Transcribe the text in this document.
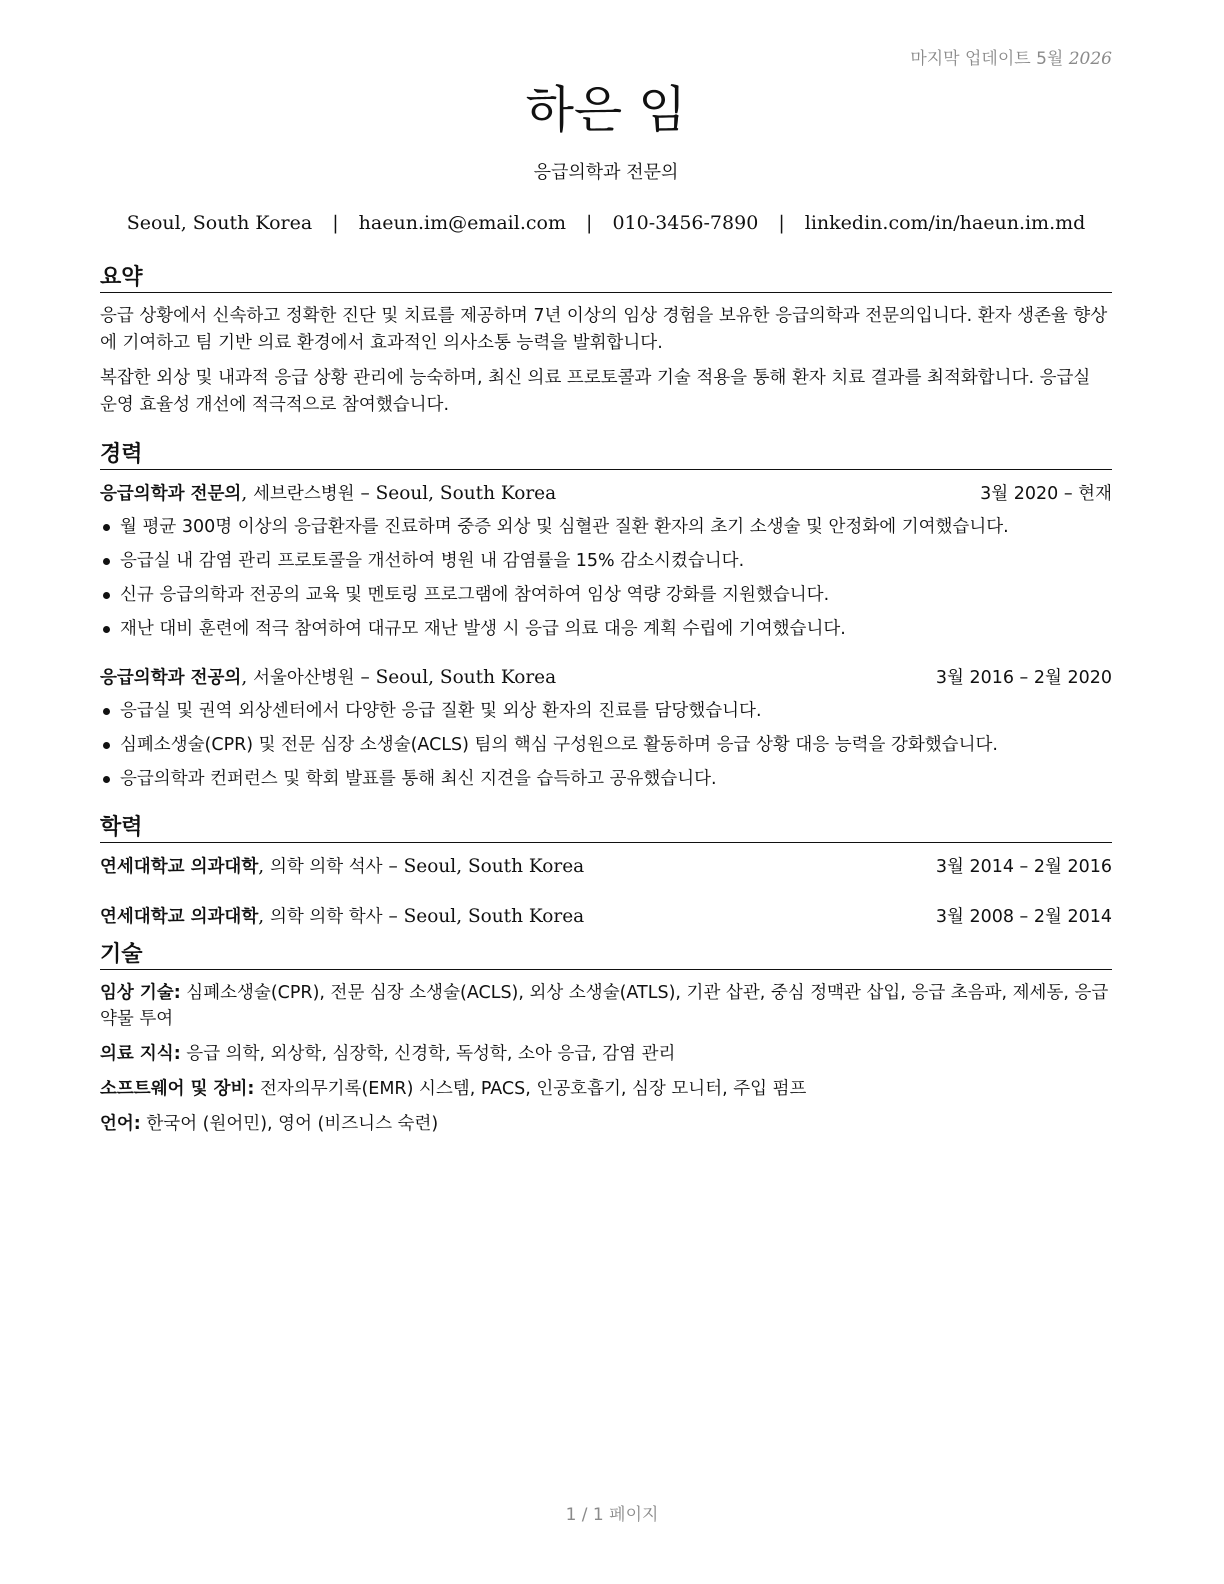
마지막 업데이트 5월 2026
하은 임
응급의학과 전문의
Seoul, South Korea | haeun.im@email.com | 010-3456-7890 | linkedin.com/in/haeun.im.md
요약

응급 상황에서 신속하고 정확한 진단 및 치료를 제공하며 7년 이상의 임상 경험을 보유한 응급의학과 전문의입니다. 환자 생존율 향상에 기여하고 팀 기반 의료 환경에서 효과적인 의사소통 능력을 발휘합니다.

복잡한 외상 및 내과적 응급 상황 관리에 능숙하며, 최신 의료 프로토콜과 기술 적용을 통해 환자 치료 결과를 최적화합니다. 응급실 운영 효율성 개선에 적극적으로 참여했습니다.

경력
응급의학과 전문의, 세브란스병원 – Seoul, South Korea	3월 2020 – 현재
월 평균 300명 이상의 응급환자를 진료하며 중증 외상 및 심혈관 질환 환자의 초기 소생술 및 안정화에 기여했습니다.
응급실 내 감염 관리 프로토콜을 개선하여 병원 내 감염률을 15% 감소시켰습니다.
신규 응급의학과 전공의 교육 및 멘토링 프로그램에 참여하여 임상 역량 강화를 지원했습니다.
재난 대비 훈련에 적극 참여하여 대규모 재난 발생 시 응급 의료 대응 계획 수립에 기여했습니다.
응급의학과 전공의, 서울아산병원 – Seoul, South Korea	3월 2016 – 2월 2020
응급실 및 권역 외상센터에서 다양한 응급 질환 및 외상 환자의 진료를 담당했습니다.
심폐소생술(CPR) 및 전문 심장 소생술(ACLS) 팀의 핵심 구성원으로 활동하며 응급 상황 대응 능력을 강화했습니다.
응급의학과 컨퍼런스 및 학회 발표를 통해 최신 지견을 습득하고 공유했습니다.
학력
연세대학교 의과대학, 의학 의학 석사 – Seoul, South Korea	3월 2014 – 2월 2016
연세대학교 의과대학, 의학 의학 학사 – Seoul, South Korea	3월 2008 – 2월 2014
기술
임상 기술: 심폐소생술(CPR), 전문 심장 소생술(ACLS), 외상 소생술(ATLS), 기관 삽관, 중심 정맥관 삽입, 응급 초음파, 제세동, 응급 약물 투여
의료 지식: 응급 의학, 외상학, 심장학, 신경학, 독성학, 소아 응급, 감염 관리
소프트웨어 및 장비: 전자의무기록(EMR) 시스템, PACS, 인공호흡기, 심장 모니터, 주입 펌프
언어: 한국어 (원어민), 영어 (비즈니스 숙련)
1 / 1 페이지
